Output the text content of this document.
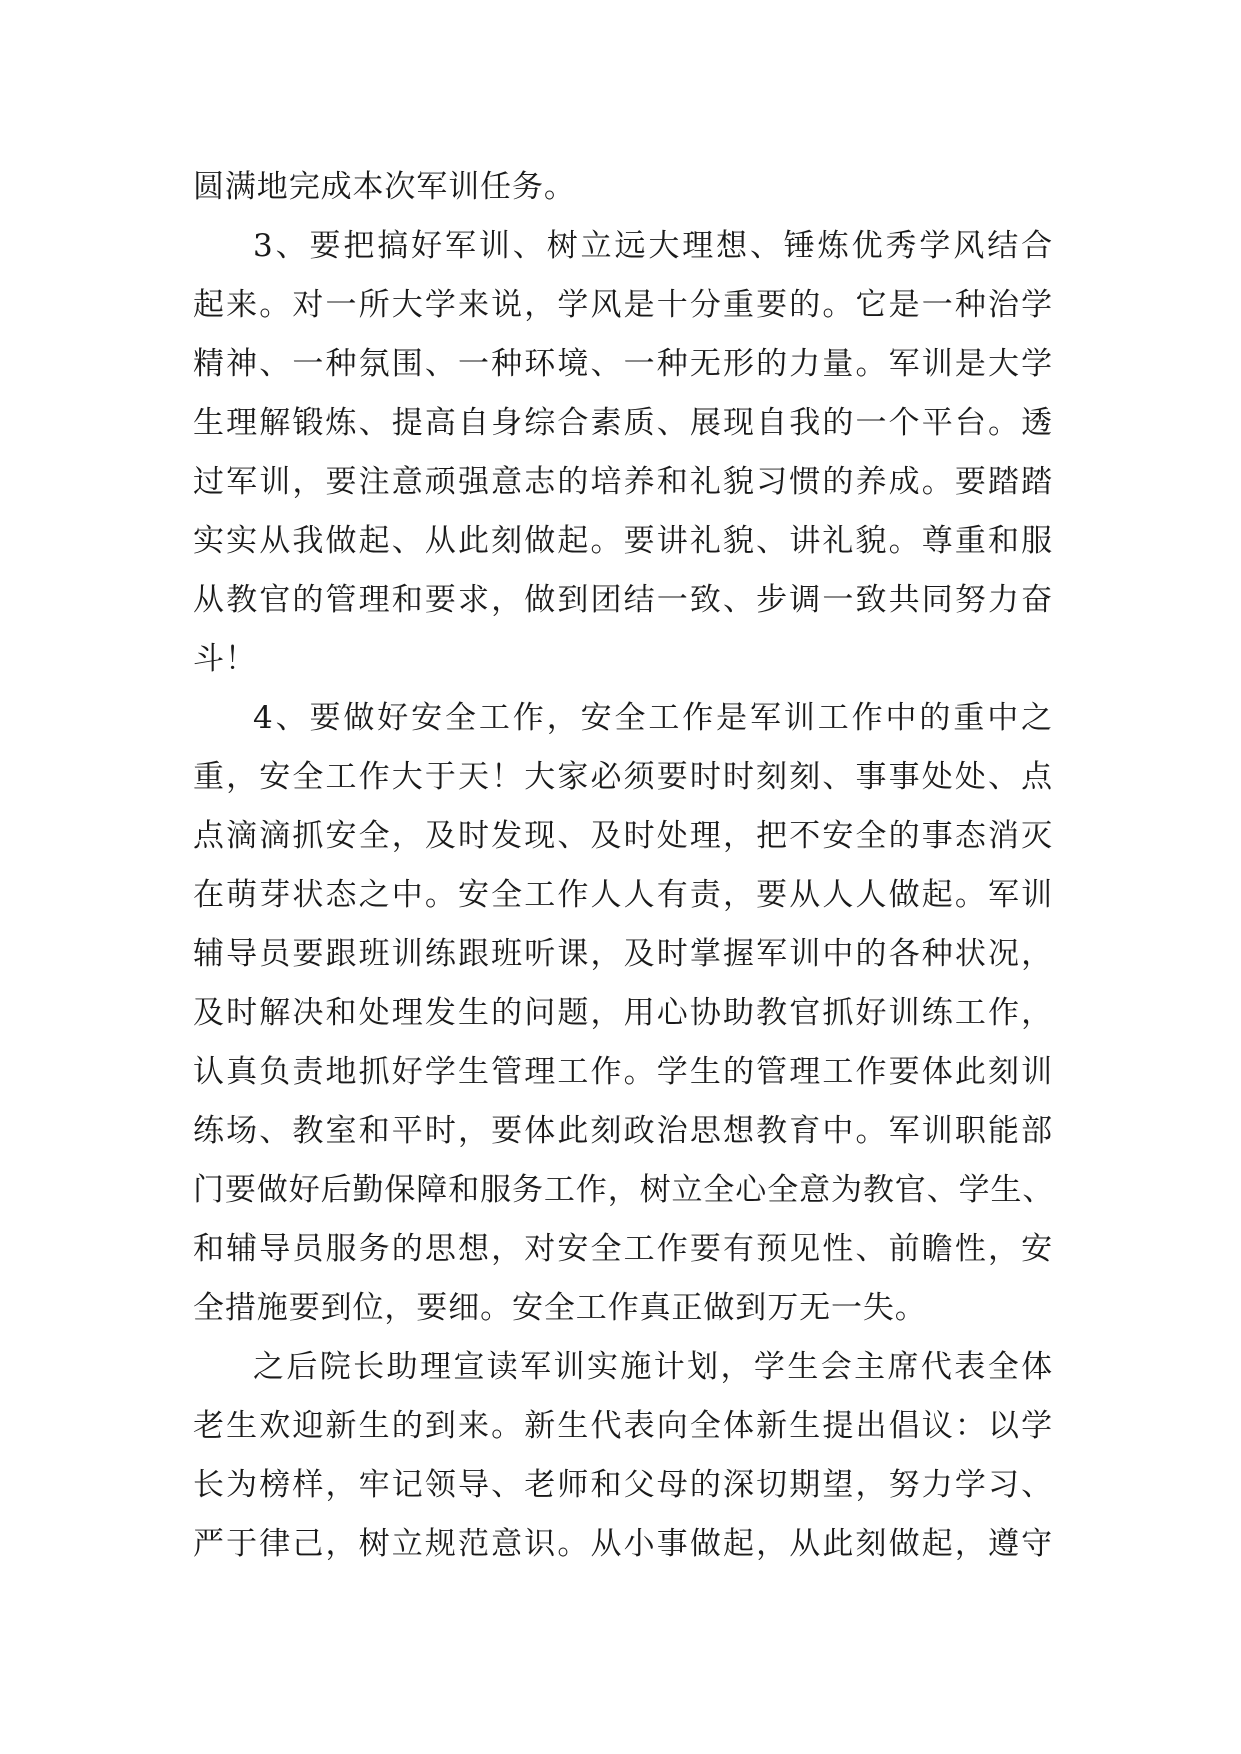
圆满地完成本次军训任务。
3、要把搞好军训、树立远大理想、锤炼优秀学风结合
起来。对一所大学来说，学风是十分重要的。它是一种治学
精神、一种氛围、一种环境、一种无形的力量。军训是大学
生理解锻炼、提高自身综合素质、展现自我的一个平台。透
过军训，要注意顽强意志的培养和礼貌习惯的养成。要踏踏
实实从我做起、从此刻做起。要讲礼貌、讲礼貌。尊重和服
从教官的管理和要求，做到团结一致、步调一致共同努力奋
斗！
4、要做好安全工作，安全工作是军训工作中的重中之
重，安全工作大于天！大家必须要时时刻刻、事事处处、点
点滴滴抓安全，及时发现、及时处理，把不安全的事态消灭
在萌芽状态之中。安全工作人人有责，要从人人做起。军训
辅导员要跟班训练跟班听课，及时掌握军训中的各种状况，
及时解决和处理发生的问题，用心协助教官抓好训练工作，
认真负责地抓好学生管理工作。学生的管理工作要体此刻训
练场、教室和平时，要体此刻政治思想教育中。军训职能部
门要做好后勤保障和服务工作，树立全心全意为教官、学生、
和辅导员服务的思想，对安全工作要有预见性、前瞻性，安
全措施要到位，要细。安全工作真正做到万无一失。
之后院长助理宣读军训实施计划，学生会主席代表全体
老生欢迎新生的到来。新生代表向全体新生提出倡议：以学
长为榜样，牢记领导、老师和父母的深切期望，努力学习、
严于律己，树立规范意识。从小事做起，从此刻做起，遵守
